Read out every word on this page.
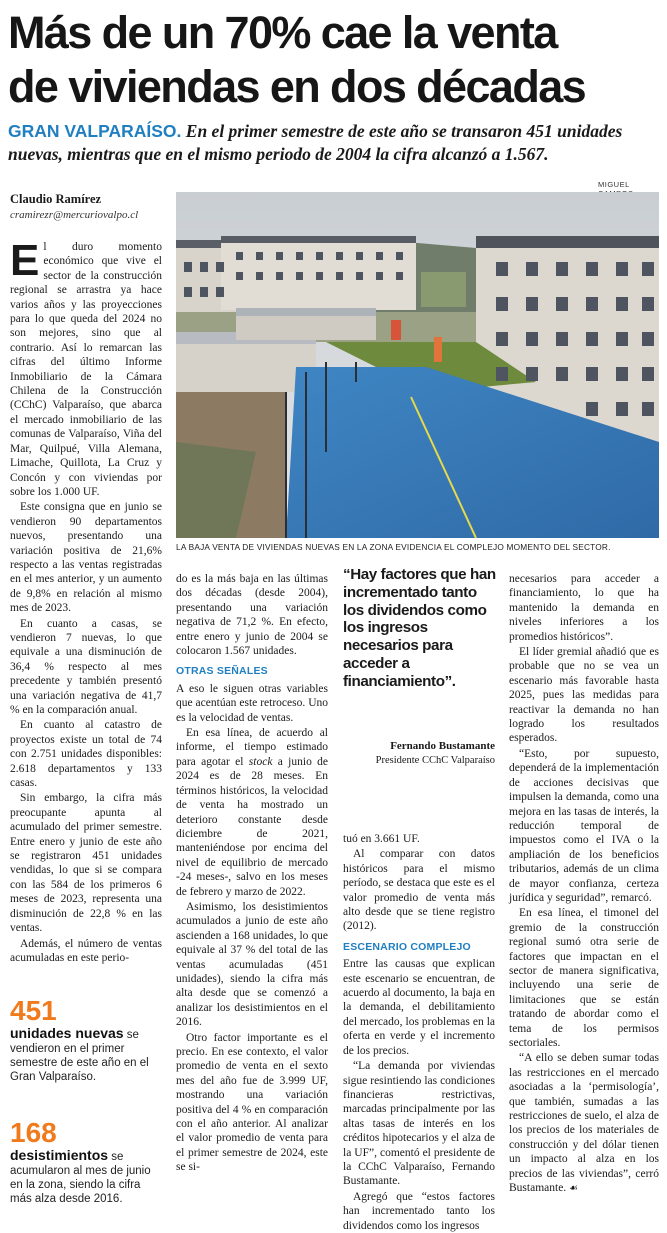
Más de un 70% cae la venta
de viviendas en dos décadas
GRAN VALPARAÍSO. En el primer semestre de este año se transaron 451 unidades nuevas, mientras que en el mismo periodo de 2004 la cifra alcanzó a 1.567.
Claudio Ramírez
cramirezr@mercuriovalpo.cl
MIGUEL
LA BAJA VENTA DE VIVIENDAS NUEVAS EN LA ZONA EVIDENCIA EL COMPLEJO MOMENTO DEL SECTOR.

El duro momento económico que vive el sector de la construcción regional se arrastra ya hace varios años y las proyecciones para lo que queda del 2024 no son mejores, sino que al contrario. Así lo remarcan las cifras del último Informe Inmobiliario de la Cámara Chilena de la Construcción (CChC) Valparaíso, que abarca el mercado inmobiliario de las comunas de Valparaíso, Viña del Mar, Quilpué, Villa Alemana, Limache, Quillota, La Cruz y Concón y con viviendas por sobre los 1.000 UF.

Este consigna que en junio se vendieron 90 departamentos nuevos, presentando una variación positiva de 21,6% respecto a las ventas registradas en el mes anterior, y un aumento de 9,8% en relación al mismo mes de 2023.

En cuanto a casas, se vendieron 7 nuevas, lo que equivale a una disminución de 36,4 % respecto al mes precedente y también presentó una variación negativa de 41,7 % en la comparación anual.

En cuanto al catastro de proyectos existe un total de 74 con 2.751 unidades disponibles: 2.618 departamentos y 133 casas.

Sin embargo, la cifra más preocupante apunta al acumulado del primer semestre. Entre enero y junio de este año se registraron 451 unidades vendidas, lo que si se compara con las 584 de los primeros 6 meses de 2023, representa una disminución de 22,8 % en las ventas.

Además, el número de ventas acumuladas en este perio-

451
unidades nuevas se vendieron en el primer semestre de este año en el Gran Valparaíso.
168
desistimientos se acumularon al mes de junio en la zona, siendo la cifra más alza desde 2016.

do es la más baja en las últimas dos décadas (desde 2004), presentando una variación negativa de 71,2 %. En efecto, entre enero y junio de 2004 se colocaron 1.567 unidades.

OTRAS SEÑALES

A eso le siguen otras variables que acentúan este retroceso. Uno es la velocidad de ventas.

En esa línea, de acuerdo al informe, el tiempo estimado para agotar el stock a junio de 2024 es de 28 meses. En términos históricos, la velocidad de venta ha mostrado un deterioro constante desde diciembre de 2021, manteniéndose por encima del nivel de equilibrio de mercado -24 meses-, salvo en los meses de febrero y marzo de 2022.

Asimismo, los desistimientos acumulados a junio de este año ascienden a 168 unidades, lo que equivale al 37 % del total de las ventas acumuladas (451 unidades), siendo la cifra más alta desde que se comenzó a analizar los desistimientos en el 2016.

Otro factor importante es el precio. En ese contexto, el valor promedio de venta en el sexto mes del año fue de 3.999 UF, mostrando una variación positiva del 4 % en comparación con el año anterior. Al analizar el valor promedio de venta para el primer semestre de 2024, este se si-

“Hay factores que han incrementado tanto los dividendos como los ingresos necesarios para acceder a financiamiento”.
Fernando Bustamante
Presidente CChC Valparaíso

tuó en 3.661 UF.

Al comparar con datos históricos para el mismo período, se destaca que este es el valor promedio de venta más alto desde que se tiene registro (2012).

ESCENARIO COMPLEJO

Entre las causas que explican este escenario se encuentran, de acuerdo al documento, la baja en la demanda, el debilitamiento del mercado, los problemas en la oferta en verde y el incremento de los precios.

“La demanda por viviendas sigue resintiendo las condiciones financieras restrictivas, marcadas principalmente por las altas tasas de interés en los créditos hipotecarios y el alza de la UF”, comentó el presidente de la CChC Valparaíso, Fernando Bustamante.

Agregó que “estos factores han incrementado tanto los dividendos como los ingresos

necesarios para acceder a financiamiento, lo que ha mantenido la demanda en niveles inferiores a los promedios históricos”.

El líder gremial añadió que es probable que no se vea un escenario más favorable hasta 2025, pues las medidas para reactivar la demanda no han logrado los resultados esperados.

“Esto, por supuesto, dependerá de la implementación de acciones decisivas que impulsen la demanda, como una mejora en las tasas de interés, la reducción temporal de impuestos como el IVA o la ampliación de los beneficios tributarios, además de un clima de mayor confianza, certeza jurídica y seguridad”, remarcó.

En esa línea, el timonel del gremio de la construcción regional sumó otra serie de factores que impactan en el sector de manera significativa, incluyendo una serie de limitaciones que se están tratando de abordar como el tema de los permisos sectoriales.

“A ello se deben sumar todas las restricciones en el mercado asociadas a la ‘permisología’, que también, sumadas a las restricciones de suelo, el alza de los precios de los materiales de construcción y del dólar tienen un impacto al alza en los precios de las viviendas”, cerró Bustamante. ☙
